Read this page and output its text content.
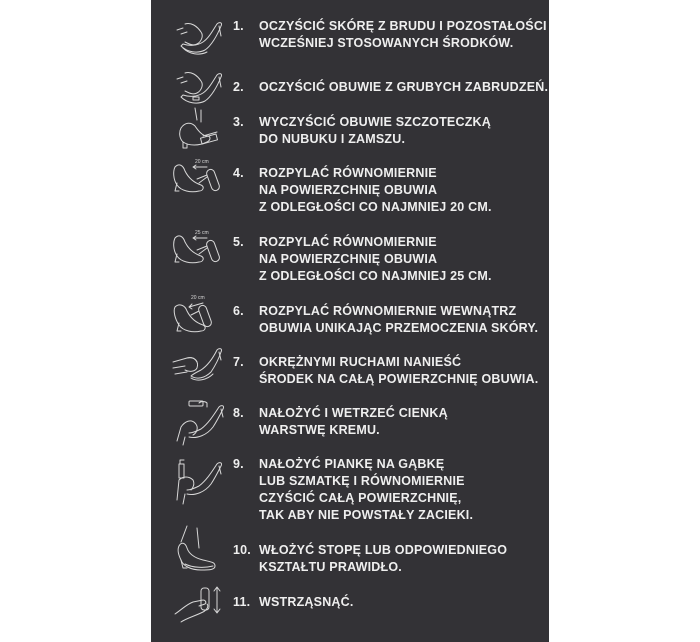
1. OCZYŚCIĆ SKÓRĘ Z BRUDU I POZOSTAŁOŚCI
WCZEŚNIEJ STOSOWANYCH ŚRODKÓW.
2. OCZYŚCIĆ OBUWIE Z GRUBYCH ZABRUDZEŃ.
3. WYCZYŚCIĆ OBUWIE SZCZOTECZKĄ
DO NUBUKU I ZAMSZU.
20 cm
4. ROZPYLAĆ RÓWNOMIERNIE
NA POWIERZCHNIĘ OBUWIA
Z ODLEGŁOŚCI CO NAJMNIEJ 20 CM.
25 cm
5. ROZPYLAĆ RÓWNOMIERNIE
NA POWIERZCHNIĘ OBUWIA
Z ODLEGŁOŚCI CO NAJMNIEJ 25 CM.
20 cm
6. ROZPYLAĆ RÓWNOMIERNIE WEWNĄTRZ
OBUWIA UNIKAJĄC PRZEMOCZENIA SKÓRY.
7. OKRĘŻNYMI RUCHAMI NANIEŚĆ
ŚRODEK NA CAŁĄ POWIERZCHNIĘ OBUWIA.
8. NAŁOŻYĆ I WETRZEĆ CIENKĄ
WARSTWĘ KREMU.
9. NAŁOŻYĆ PIANKĘ NA GĄBKĘ
LUB SZMATKĘ I RÓWNOMIERNIE
CZYŚCIĆ CAŁĄ POWIERZCHNIĘ,
TAK ABY NIE POWSTAŁY ZACIEKI.
10. WŁOŻYĆ STOPĘ LUB ODPOWIEDNIEGO
KSZTAŁTU PRAWIDŁO.
11. WSTRZĄSNĄĆ.
